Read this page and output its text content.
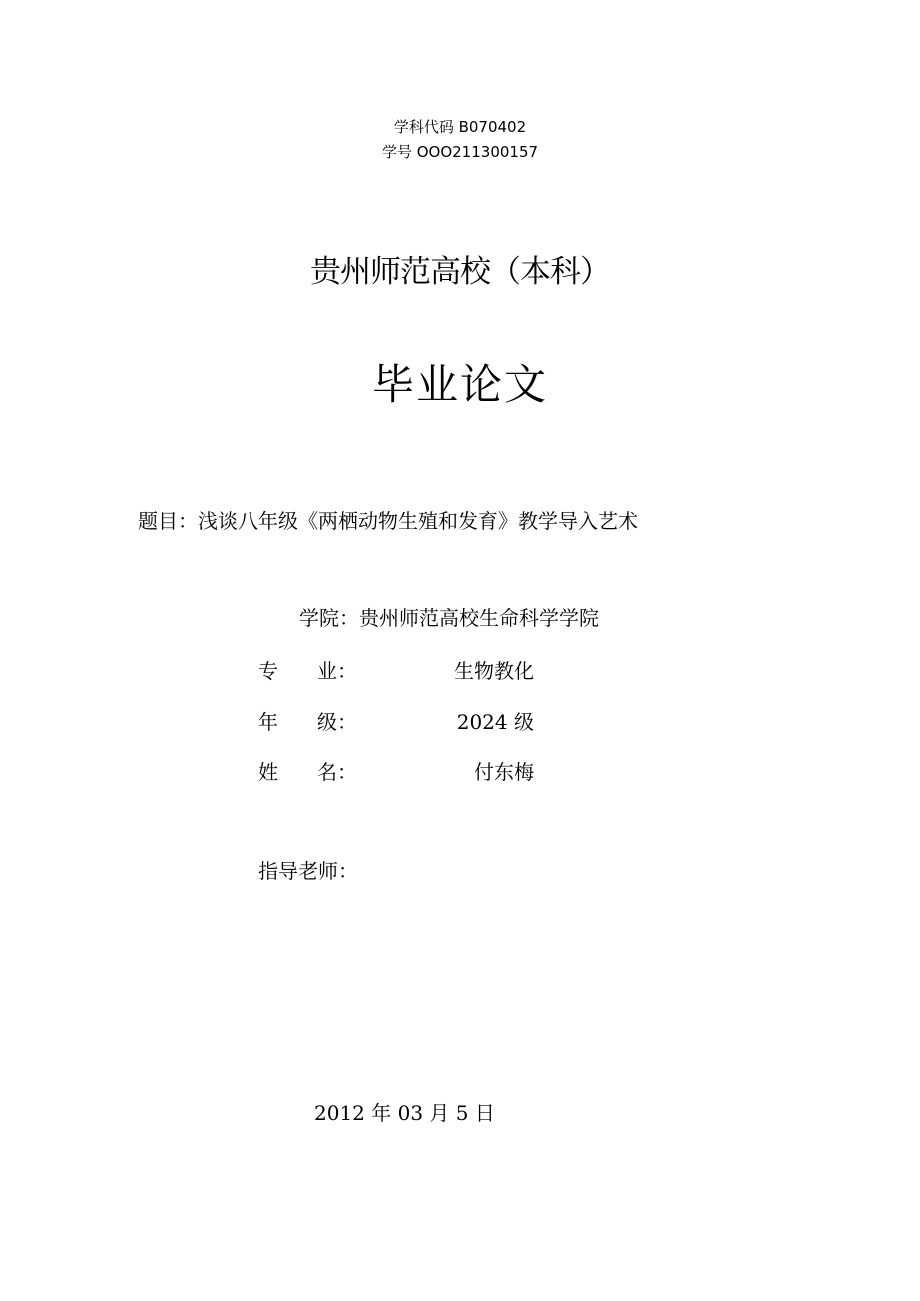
学科代码 B070402
学号 OOO211300157
贵州师范高校（本科）
毕业论文
题目：浅谈八年级《两栖动物生殖和发育》教学导入艺术
学院：贵州师范高校生命科学学院
专 业 ：	生物教化
年 级 ：	2024 级
姓 名 ：	付东梅
指导老师：
2012 年 03 月 5 日
